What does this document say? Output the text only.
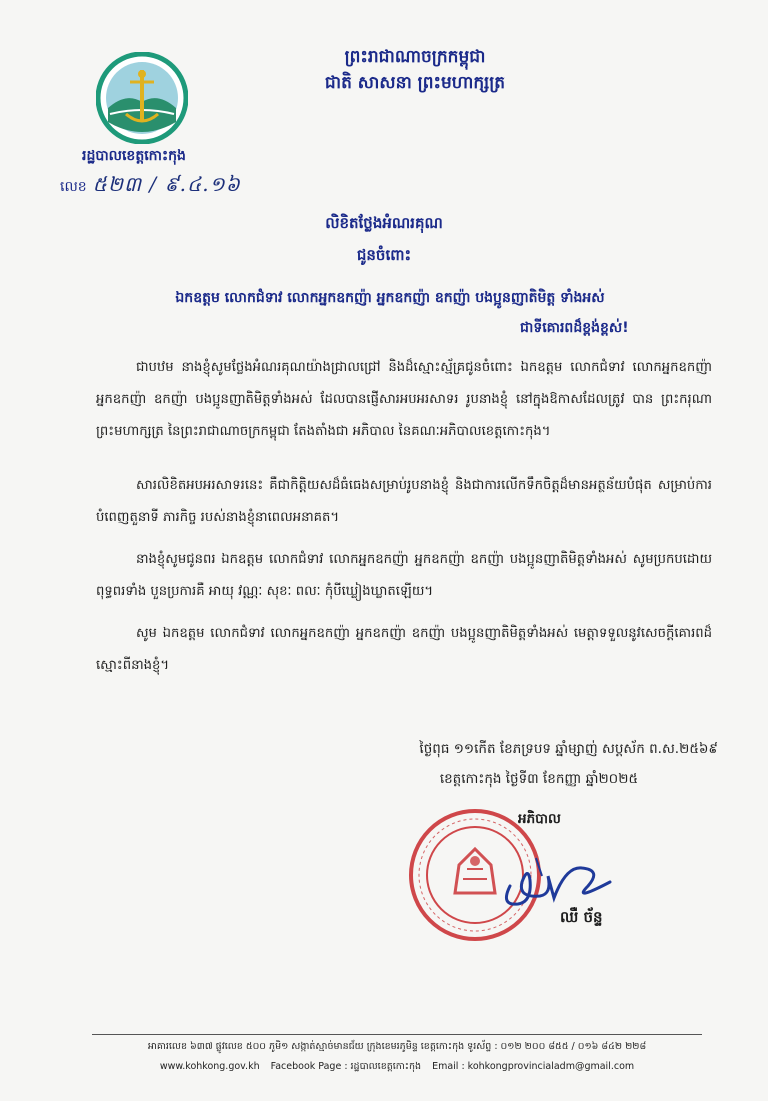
ព្រះរាជាណាចក្រកម្ពុជា
ជាតិ សាសនា ព្រះមហាក្សត្រ
រដ្ឋបាលខេត្តកោះកុង
លេខ ៥២៣ / ៩.៤.១៦
លិខិតថ្លែងអំណរគុណ
ជូនចំពោះ
ឯកឧត្តម លោកជំទាវ លោកអ្នកឧកញ៉ា អ្នកឧកញ៉ា ឧកញ៉ា បងប្អូនញាតិមិត្ត ទាំងអស់
ជាទីគោរពដ៏ខ្ពង់ខ្ពស់!

ជាបឋម នាងខ្ញុំសូមថ្លែងអំណរគុណយ៉ាងជ្រាលជ្រៅ និងដ៏ស្មោះស្ម័គ្រជូនចំពោះ ឯកឧត្តម លោកជំទាវ លោកអ្នកឧកញ៉ា អ្នកឧកញ៉ា ឧកញ៉ា បងប្អូនញាតិមិត្តទាំងអស់ ដែលបានផ្ញើសារអបអរសាទរ រូបនាងខ្ញុំ នៅក្នុងឱកាសដែលត្រូវ បាន ព្រះករុណា ព្រះមហាក្សត្រ នៃព្រះរាជាណាចក្រកម្ពុជា តែងតាំងជា អភិបាល នៃគណៈអភិបាលខេត្តកោះកុង។

សារលិខិតអបអរសាទរនេះ គឺជាកិត្តិយសដ៏ធំធេងសម្រាប់រូបនាងខ្ញុំ និងជាការលើកទឹកចិត្តដ៏មានអត្ថន័យបំផុត សម្រាប់ការបំពេញតួនាទី ភារកិច្ច របស់នាងខ្ញុំនាពេលអនាគត។

នាងខ្ញុំសូមជូនពរ ឯកឧត្តម លោកជំទាវ លោកអ្នកឧកញ៉ា អ្នកឧកញ៉ា ឧកញ៉ា បងប្អូនញាតិមិត្តទាំងអស់ សូមប្រកបដោយពុទ្ធពរទាំង បួនប្រការគឺ អាយុ វណ្ណៈ សុខៈ ពលៈ កុំបីឃ្លៀងឃ្លាតឡើយ។

សូម ឯកឧត្តម លោកជំទាវ លោកអ្នកឧកញ៉ា អ្នកឧកញ៉ា ឧកញ៉ា បងប្អូនញាតិមិត្តទាំងអស់ មេត្តាទទួលនូវសេចក្តីគោរពដ៏ស្មោះពីនាងខ្ញុំ។

ថ្ងៃពុធ ១១កើត ខែភទ្របទ ឆ្នាំម្សាញ់ សប្តស័ក ព.ស.២៥៦៩
ខេត្តកោះកុង ថ្ងៃទី៣ ខែកញ្ញា ឆ្នាំ២០២៥
អភិបាល
ឈឺ ច័ន្ទ
អាគារលេខ ៦៣៧ ផ្លូវលេខ ៥០០ ភូមិ១ សង្កាត់ស្មាច់មានជ័យ ក្រុងខេមរភូមិន្ទ ខេត្តកោះកុង ទូរស័ព្ទ : ០១២ ២០០ ៨៥៥ / ០១៦ ៨៤២ ២២៨
www.kohkong.gov.kh Facebook Page : រដ្ឋបាលខេត្តកោះកុង Email : kohkongprovincialadm@gmail.com
